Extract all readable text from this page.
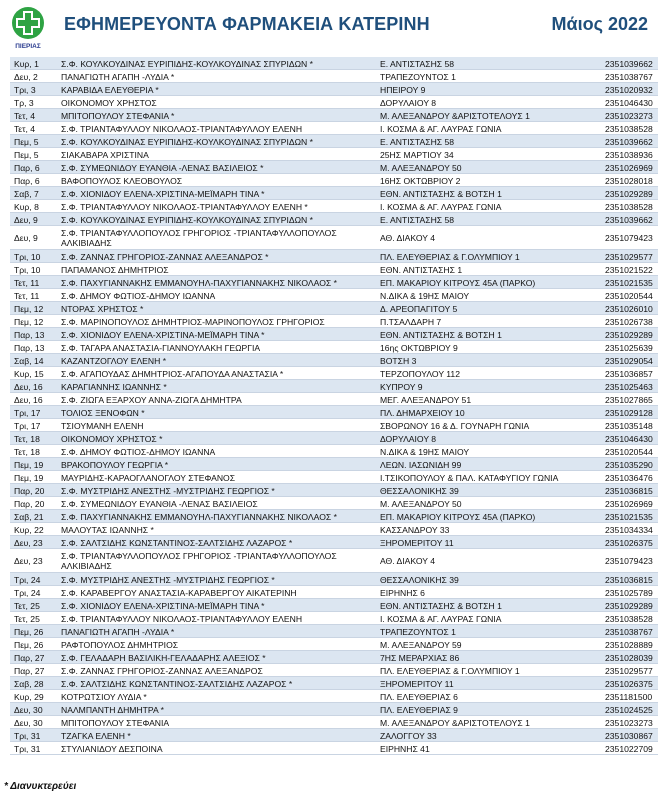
ΠΙΕΡΙΑΣ
ΕΦΗΜΕΡΕΥΟΝΤΑ ΦΑΡΜΑΚΕΙΑ ΚΑΤΕΡΙΝΗ	Μάιος 2022
Κυρ, 1	Σ.Φ. ΚΟΥΛΚΟΥΔΙΝΑΣ ΕΥΡΙΠΙΔΗΣ-ΚΟΥΛΚΟΥΔΙΝΑΣ ΣΠΥΡΙΔΩΝ *	Ε. ΑΝΤΙΣΤΑΣΗΣ 58	2351039662
Δευ, 2	ΠΑΝΑΓΙΩΤΗ ΑΓΑΠΗ -ΛΥΔΙΑ *	ΤΡΑΠΕΖΟΥΝΤΟΣ 1	2351038767
Τρι, 3	ΚΑΡΑΒΙΔΑ ΕΛΕΥΘΕΡΙΑ *	ΗΠΕΙΡΟΥ 9	2351020932
Τρ, 3	ΟΙΚΟΝΟΜΟΥ ΧΡΗΣΤΟΣ	ΔΟΡΥΛΑΙΟΥ 8	2351046430
Τετ, 4	ΜΠΙΤΟΠΟΥΛΟΥ ΣΤΕΦΑΝΙΑ *	Μ. ΑΛΕΞΑΝΔΡΟΥ &ΑΡΙΣΤΟΤΕΛΟΥΣ 1	2351023273
Τετ, 4	Σ.Φ. ΤΡΙΑΝΤΑΦΥΛΛΟΥ ΝΙΚΟΛΑΟΣ-ΤΡΙΑΝΤΑΦΥΛΛΟΥ ΕΛΕΝΗ	Ι. ΚΟΣΜΑ & ΑΓ. ΛΑΥΡΑΣ ΓΩΝΙΑ	2351038528
Πεμ, 5	Σ.Φ. ΚΟΥΛΚΟΥΔΙΝΑΣ ΕΥΡΙΠΙΔΗΣ-ΚΟΥΛΚΟΥΔΙΝΑΣ ΣΠΥΡΙΔΩΝ *	Ε. ΑΝΤΙΣΤΑΣΗΣ 58	2351039662
Πεμ, 5	ΣΙΑΚΑΒΑΡΑ ΧΡΙΣΤΙΝΑ	25ΗΣ ΜΑΡΤΙΟΥ 34	2351038936
Παρ, 6	Σ.Φ. ΣΥΜΕΩΝΙΔΟΥ ΕΥΑΝΘΙΑ -ΛΕΝΑΣ ΒΑΣΙΛΕΙΟΣ *	Μ. ΑΛΕΞΑΝΔΡΟΥ 50	2351026969
Παρ, 6	ΒΑΦΟΠΟΥΛΟΣ ΚΛΕΟΒΟΥΛΟΣ	16ΗΣ ΟΚΤΩΒΡΙΟΥ 2	2351028018
Σαβ, 7	Σ.Φ. ΧΙΟΝΙΔΟΥ ΕΛΕΝΑ-ΧΡΙΣΤΙΝΑ-ΜΕΪΜΑΡΗ ΤΙΝΑ *	ΕΘΝ. ΑΝΤΙΣΤΑΣΗΣ & ΒΟΤΣΗ 1	2351029289
Κυρ, 8	Σ.Φ. ΤΡΙΑΝΤΑΦΥΛΛΟΥ ΝΙΚΟΛΑΟΣ-ΤΡΙΑΝΤΑΦΥΛΛΟΥ ΕΛΕΝΗ *	Ι. ΚΟΣΜΑ & ΑΓ. ΛΑΥΡΑΣ ΓΩΝΙΑ	2351038528
Δευ, 9	Σ.Φ. ΚΟΥΛΚΟΥΔΙΝΑΣ ΕΥΡΙΠΙΔΗΣ-ΚΟΥΛΚΟΥΔΙΝΑΣ ΣΠΥΡΙΔΩΝ *	Ε. ΑΝΤΙΣΤΑΣΗΣ 58	2351039662
Δευ, 9	Σ.Φ. ΤΡΙΑΝΤΑΦΥΛΛΟΠΟΥΛΟΣ ΓΡΗΓΟΡΙΟΣ -ΤΡΙΑΝΤΑΦΥΛΛΟΠΟΥΛΟΣ ΑΛΚΙΒΙΑΔΗΣ	ΑΘ. ΔΙΑΚΟΥ 4	2351079423
Τρι, 10	Σ.Φ. ΖΑΝΝΑΣ ΓΡΗΓΟΡΙΟΣ-ΖΑΝΝΑΣ ΑΛΕΞΑΝΔΡΟΣ *	ΠΛ. ΕΛΕΥΘΕΡΙΑΣ & Γ.ΟΛΥΜΠΙΟΥ 1	2351029577
Τρι, 10	ΠΑΠΑΜΑΝΟΣ ΔΗΜΗΤΡΙΟΣ	ΕΘΝ. ΑΝΤΙΣΤΑΣΗΣ 1	2351021522
Τετ, 11	Σ.Φ. ΠΑΧΥΓΙΑΝΝΑΚΗΣ ΕΜΜΑΝΟΥΗΛ-ΠΑΧΥΓΙΑΝΝΑΚΗΣ ΝΙΚΟΛΑΟΣ *	ΕΠ. ΜΑΚΑΡΙΟΥ ΚΙΤΡΟΥΣ 45Α (ΠΑΡΚΟ)	2351021535
Τετ, 11	Σ.Φ. ΔΗΜΟΥ ΦΩΤΙΟΣ-ΔΗΜΟΥ ΙΩΑΝΝΑ	Ν.ΔΙΚΑ & 19ΗΣ ΜΑΙΟΥ	2351020544
Πεμ, 12	ΝΤΟΡΑΣ ΧΡΗΣΤΟΣ *	Δ. ΑΡΕΟΠΑΓΙΤΟΥ 5	2351026010
Πεμ, 12	Σ.Φ. ΜΑΡΙΝΟΠΟΥΛΟΣ ΔΗΜΗΤΡΙΟΣ-ΜΑΡΙΝΟΠΟΥΛΟΣ ΓΡΗΓΟΡΙΟΣ	Π.ΤΣΑΛΔΑΡΗ 7	2351026738
Παρ, 13	Σ.Φ. ΧΙΟΝΙΔΟΥ ΕΛΕΝΑ-ΧΡΙΣΤΙΝΑ-ΜΕΪΜΑΡΗ ΤΙΝΑ *	ΕΘΝ. ΑΝΤΙΣΤΑΣΗΣ & ΒΟΤΣΗ 1	2351029289
Παρ, 13	Σ.Φ. ΤΑΓΑΡΑ ΑΝΑΣΤΑΣΙΑ-ΓΙΑΝΝΟΥΛΑΚΗ ΓΕΩΡΓΙΑ	16ης ΟΚΤΩΒΡΙΟΥ 9	2351025639
Σαβ, 14	ΚΑΖΑΝΤΖΟΓΛΟΥ ΕΛΕΝΗ *	ΒΟΤΣΗ 3	2351029054
Κυρ, 15	Σ.Φ. ΑΓΑΠΟΥΔΑΣ ΔΗΜΗΤΡΙΟΣ-ΑΓΑΠΟΥΔΑ ΑΝΑΣΤΑΣΙΑ *	ΤΕΡΖΟΠΟΥΛΟΥ 112	2351036857
Δευ, 16	ΚΑΡΑΓΙΑΝΝΗΣ ΙΩΑΝΝΗΣ *	ΚΥΠΡΟΥ 9	2351025463
Δευ, 16	Σ.Φ. ΖΙΩΓΑ ΕΞΑΡΧΟΥ ΑΝΝΑ-ΖΙΩΓΑ ΔΗΜΗΤΡΑ	ΜΕΓ. ΑΛΕΞΑΝΔΡΟΥ 51	2351027865
Τρι, 17	ΤΟΛΙΟΣ ΞΕΝΟΦΩΝ *	ΠΛ. ΔΗΜΑΡΧΕΙΟΥ 10	2351029128
Τρι, 17	ΤΣΙΟΥΜΑΝΗ ΕΛΕΝΗ	ΣΒΟΡΩΝΟΥ 16 & Δ. ΓΟΥΝΑΡΗ ΓΩΝΙΑ	2351035148
Τετ, 18	ΟΙΚΟΝΟΜΟΥ ΧΡΗΣΤΟΣ *	ΔΟΡΥΛΑΙΟΥ 8	2351046430
Τετ, 18	Σ.Φ. ΔΗΜΟΥ ΦΩΤΙΟΣ-ΔΗΜΟΥ ΙΩΑΝΝΑ	Ν.ΔΙΚΑ & 19ΗΣ ΜΑΙΟΥ	2351020544
Πεμ, 19	ΒΡΑΚΟΠΟΥΛΟΥ ΓΕΩΡΓΙΑ *	ΛΕΩΝ. ΙΑΣΩΝΙΔΗ 99	2351035290
Πεμ, 19	ΜΑΥΡΙΔΗΣ-ΚΑΡΑΟΓΛΑΝΟΓΛΟΥ ΣΤΕΦΑΝΟΣ	Ι.ΤΣΙΚΟΠΟΥΛΟΥ & ΠΑΛ. ΚΑΤΑΦΥΓΙΟΥ ΓΩΝΙΑ	2351036476
Παρ, 20	Σ.Φ. ΜΥΣΤΡΙΔΗΣ ΑΝΕΣΤΗΣ -ΜΥΣΤΡΙΔΗΣ ΓΕΩΡΓΙΟΣ *	ΘΕΣΣΑΛΟΝΙΚΗΣ 39	2351036815
Παρ, 20	Σ.Φ. ΣΥΜΕΩΝΙΔΟΥ ΕΥΑΝΘΙΑ -ΛΕΝΑΣ ΒΑΣΙΛΕΙΟΣ	Μ. ΑΛΕΞΑΝΔΡΟΥ 50	2351026969
Σαβ, 21	Σ.Φ. ΠΑΧΥΓΙΑΝΝΑΚΗΣ ΕΜΜΑΝΟΥΗΛ-ΠΑΧΥΓΙΑΝΝΑΚΗΣ ΝΙΚΟΛΑΟΣ *	ΕΠ. ΜΑΚΑΡΙΟΥ ΚΙΤΡΟΥΣ 45Α (ΠΑΡΚΟ)	2351021535
Κυρ, 22	ΜΑΛΟΥΤΑΣ ΙΩΑΝΝΗΣ *	ΚΑΣΣΑΝΔΡΟΥ 33	2351034334
Δευ, 23	Σ.Φ. ΣΑΛΤΣΙΔΗΣ ΚΩΝΣΤΑΝΤΙΝΟΣ-ΣΑΛΤΣΙΔΗΣ ΛΑΖΑΡΟΣ *	ΞΗΡΟΜΕΡΙΤΟΥ 11	2351026375
Δευ, 23	Σ.Φ. ΤΡΙΑΝΤΑΦΥΛΛΟΠΟΥΛΟΣ ΓΡΗΓΟΡΙΟΣ -ΤΡΙΑΝΤΑΦΥΛΛΟΠΟΥΛΟΣ ΑΛΚΙΒΙΑΔΗΣ	ΑΘ. ΔΙΑΚΟΥ 4	2351079423
Τρι, 24	Σ.Φ. ΜΥΣΤΡΙΔΗΣ ΑΝΕΣΤΗΣ -ΜΥΣΤΡΙΔΗΣ ΓΕΩΡΓΙΟΣ *	ΘΕΣΣΑΛΟΝΙΚΗΣ 39	2351036815
Τρι, 24	Σ.Φ. ΚΑΡΑΒΕΡΓΟΥ ΑΝΑΣΤΑΣΙΑ-ΚΑΡΑΒΕΡΓΟΥ ΑΙΚΑΤΕΡΙΝΗ	ΕΙΡΗΝΗΣ 6	2351025789
Τετ, 25	Σ.Φ. ΧΙΟΝΙΔΟΥ ΕΛΕΝΑ-ΧΡΙΣΤΙΝΑ-ΜΕΪΜΑΡΗ ΤΙΝΑ *	ΕΘΝ. ΑΝΤΙΣΤΑΣΗΣ & ΒΟΤΣΗ 1	2351029289
Τετ, 25	Σ.Φ. ΤΡΙΑΝΤΑΦΥΛΛΟΥ ΝΙΚΟΛΑΟΣ-ΤΡΙΑΝΤΑΦΥΛΛΟΥ ΕΛΕΝΗ	Ι. ΚΟΣΜΑ & ΑΓ. ΛΑΥΡΑΣ ΓΩΝΙΑ	2351038528
Πεμ, 26	ΠΑΝΑΓΙΩΤΗ ΑΓΑΠΗ -ΛΥΔΙΑ *	ΤΡΑΠΕΖΟΥΝΤΟΣ 1	2351038767
Πεμ, 26	ΡΑΦΤΟΠΟΥΛΟΣ ΔΗΜΗΤΡΙΟΣ	Μ. ΑΛΕΞΑΝΔΡΟΥ 59	2351028889
Παρ, 27	Σ.Φ. ΓΕΛΑΔΑΡΗ ΒΑΣΙΛΙΚΗ-ΓΕΛΑΔΑΡΗΣ ΑΛΕΞΙΟΣ *	7ΗΣ ΜΕΡΑΡΧΙΑΣ 86	2351028039
Παρ, 27	Σ.Φ. ΖΑΝΝΑΣ ΓΡΗΓΟΡΙΟΣ-ΖΑΝΝΑΣ ΑΛΕΞΑΝΔΡΟΣ	ΠΛ. ΕΛΕΥΘΕΡΙΑΣ & Γ.ΟΛΥΜΠΙΟΥ 1	2351029577
Σαβ, 28	Σ.Φ. ΣΑΛΤΣΙΔΗΣ ΚΩΝΣΤΑΝΤΙΝΟΣ-ΣΑΛΤΣΙΔΗΣ ΛΑΖΑΡΟΣ *	ΞΗΡΟΜΕΡΙΤΟΥ 11	2351026375
Κυρ, 29	ΚΟΤΡΩΤΣΙΟΥ ΛΥΔΙΑ *	ΠΛ. ΕΛΕΥΘΕΡΙΑΣ 6	2351181500
Δευ, 30	ΝΑΛΜΠΑΝΤΗ ΔΗΜΗΤΡΑ *	ΠΛ. ΕΛΕΥΘΕΡΙΑΣ 9	2351024525
Δευ, 30	ΜΠΙΤΟΠΟΥΛΟΥ ΣΤΕΦΑΝΙΑ	Μ. ΑΛΕΞΑΝΔΡΟΥ &ΑΡΙΣΤΟΤΕΛΟΥΣ 1	2351023273
Τρι, 31	ΤΖΑΓΚΑ ΕΛΕΝΗ *	ΖΑΛΟΓΓΟΥ 33	2351030867
Τρι, 31	ΣΤΥΛΙΑΝΙΔΟΥ ΔΕΣΠΟΙΝΑ	ΕΙΡΗΝΗΣ 41	2351022709
* Διανυκτερεύει
